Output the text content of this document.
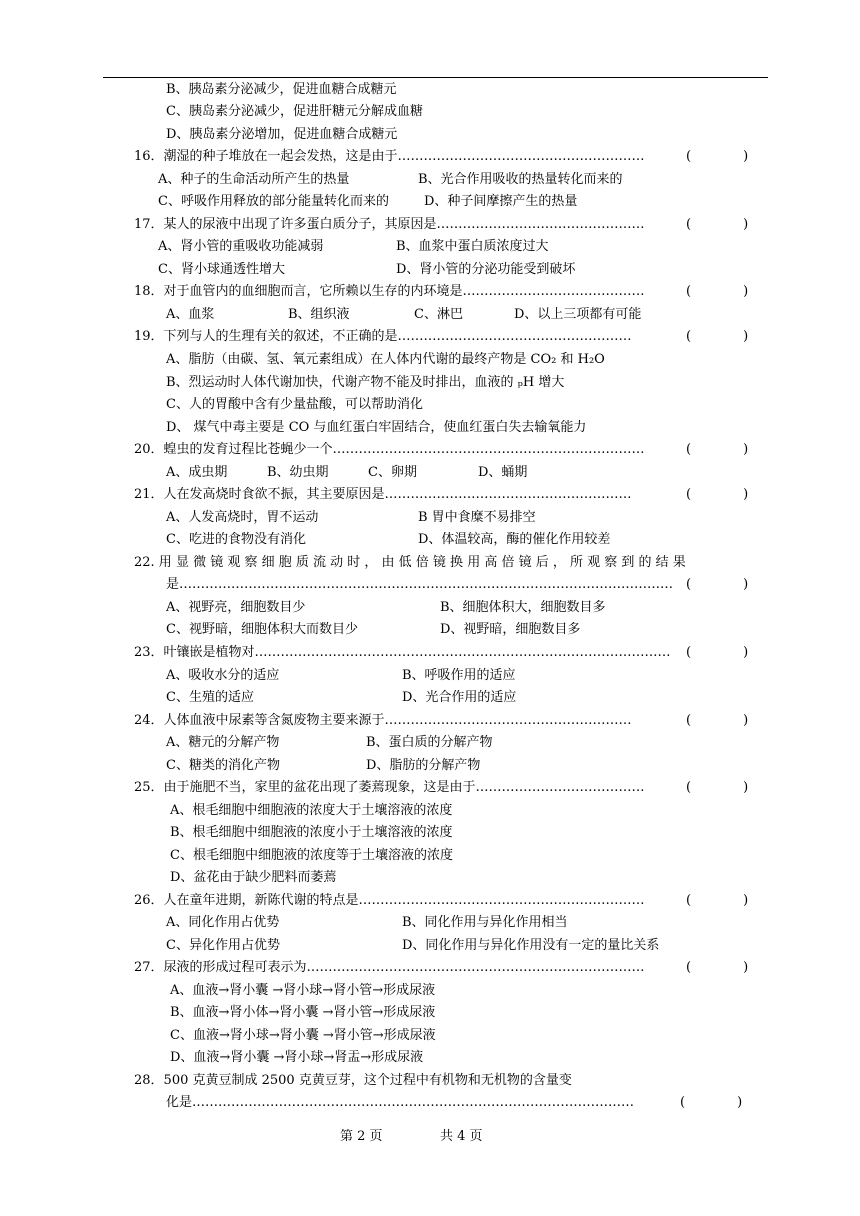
B、胰岛素分泌减少，促进血糖合成糖元
C、胰岛素分泌减少，促进肝糖元分解成血糖
D、胰岛素分泌增加，促进血糖合成糖元
16．潮湿的种子堆放在一起会发热，这是由于…………………………………………………	(　　　　)
A、种子的生命活动所产生的热量	B、光合作用吸收的热量转化而来的
C、呼吸作用释放的部分能量转化而来的	D、种子间摩擦产生的热量
17．某人的尿液中出现了许多蛋白质分子，其原因是…………………………………………	(　　　　)
A、肾小管的重吸收功能减弱	B、血浆中蛋白质浓度过大
C、肾小球通透性增大	D、肾小管的分泌功能受到破坏
18．对于血管内的血细胞而言，它所赖以生存的内环境是……………………………………	(　　　　)
A、血浆	B、组织液	C、淋巴	D、以上三项都有可能
19．下列与人的生理有关的叙述，不正确的是………………………………………………	(　　　　)
A、脂肪（由碳、氢、氧元素组成）在人体内代谢的最终产物是 CO₂ 和 H₂O
B、烈运动时人体代谢加快，代谢产物不能及时排出，血液的 ₚH 增大
C、人的胃酸中含有少量盐酸，可以帮助消化
D、 煤气中毒主要是 CO 与血红蛋白牢固结合，使血红蛋白失去输氧能力
20．蝗虫的发育过程比苍蝇少一个………………………………………………………………	(　　　　)
A、成虫期	B、幼虫期	C、卵期	D、蛹期
21．人在发高烧时食欲不振，其主要原因是…………………………………………………	(　　　　)
A、人发高烧时，胃不运动	B 胃中食糜不易排空
C、吃进的食物没有消化	D、体温较高，酶的催化作用较差
22. 用 显 微 镜 观 察 细 胞 质 流 动 时 ， 由 低 倍 镜 换 用 高 倍 镜 后 ， 所 观 察 到 的 结 果
是…………………………………………………………………………………………………… (　　　　)
A、视野亮，细胞数目少	B、细胞体积大，细胞数目多
C、视野暗，细胞体积大而数目少	D、视野暗，细胞数目多
23．叶镶嵌是植物对…………………………………………………………………………………… (　　　　)
A、吸收水分的适应	B、呼吸作用的适应
C、生殖的适应	D、光合作用的适应
24．人体血液中尿素等含氮废物主要来源于…………………………………………………	(　　　　)
A、糖元的分解产物	B、蛋白质的分解产物
C、糖类的消化产物	D、脂肪的分解产物
25．由于施肥不当，家里的盆花出现了萎蔫现象，这是由于…………………………………	(　　　　)
A、根毛细胞中细胞液的浓度大于土壤溶液的浓度
B、根毛细胞中细胞液的浓度小于土壤溶液的浓度
C、根毛细胞中细胞液的浓度等于土壤溶液的浓度
D、盆花由于缺少肥料而萎蔫
26．人在童年进期，新陈代谢的特点是…………………………………………………………	(　　　　)
A、同化作用占优势	B、同化作用与异化作用相当
C、异化作用占优势	D、同化作用与异化作用没有一定的量比关系
27．尿液的形成过程可表示为……………………………………………………………………	(　　　　)
A、血液→肾小囊 →肾小球→肾小管→形成尿液
B、血液→肾小体→肾小囊 →肾小管→形成尿液
C、血液→肾小球→肾小囊 →肾小管→形成尿液
D、血液→肾小囊 →肾小球→肾盂→形成尿液
28．500 克黄豆制成 2500 克黄豆芽，这个过程中有机物和无机物的含量变
化是…………………………………………………………………………………………	(　　　　)
第 2 页	共 4 页
